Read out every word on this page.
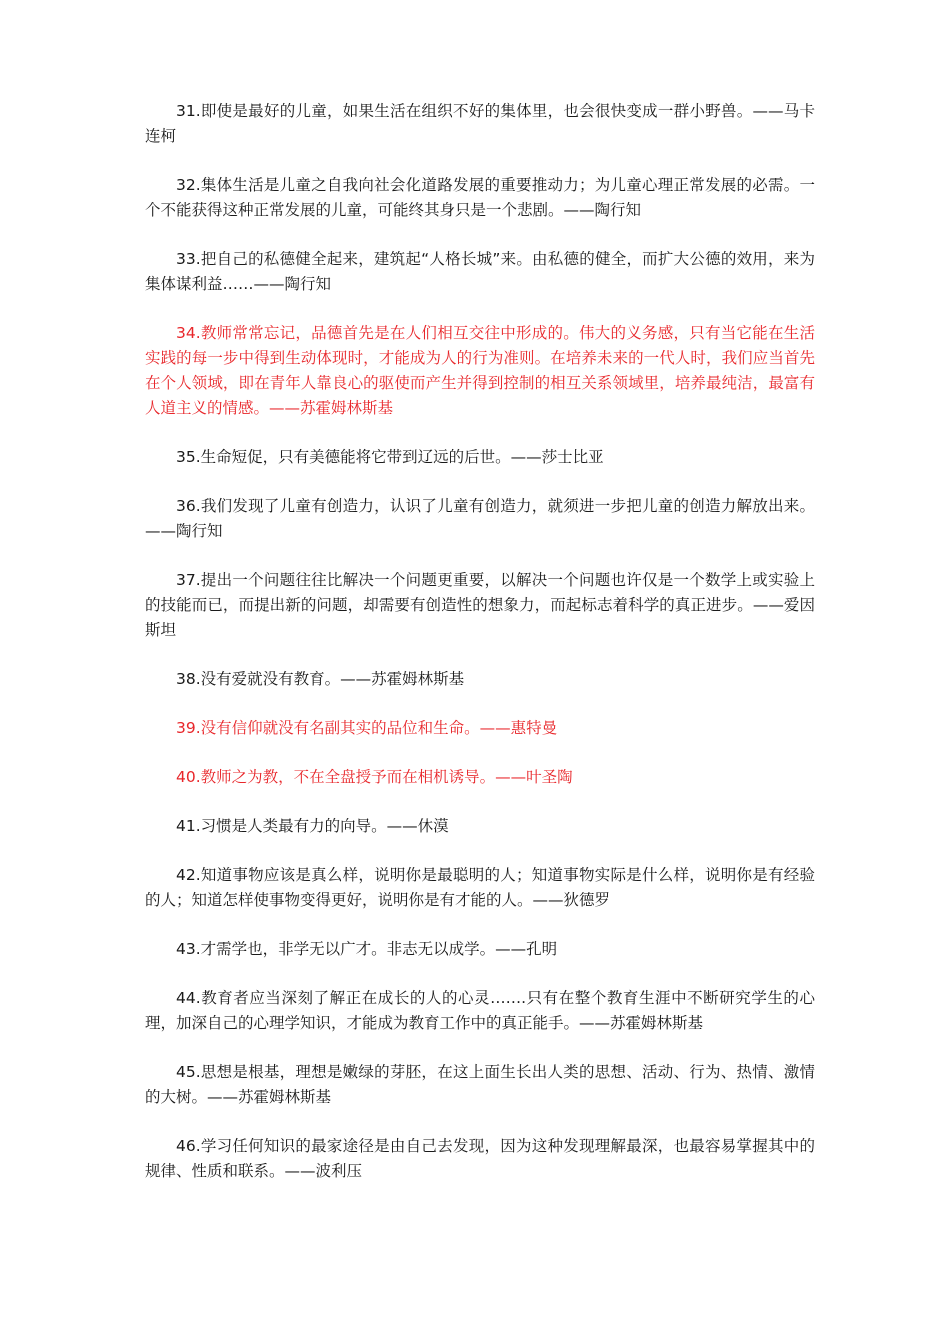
31.即使是最好的儿童，如果生活在组织不好的集体里，也会很快变成一群小野兽。——马卡连柯

32.集体生活是儿童之自我向社会化道路发展的重要推动力；为儿童心理正常发展的必需。一个不能获得这种正常发展的儿童，可能终其身只是一个悲剧。——陶行知

33.把自己的私德健全起来，建筑起“人格长城”来。由私德的健全，而扩大公德的效用，来为集体谋利益……——陶行知

34.教师常常忘记，品德首先是在人们相互交往中形成的。伟大的义务感，只有当它能在生活实践的每一步中得到生动体现时，才能成为人的行为准则。在培养未来的一代人时，我们应当首先在个人领域，即在青年人靠良心的驱使而产生并得到控制的相互关系领域里，培养最纯洁，最富有人道主义的情感。——苏霍姆林斯基

35.生命短促，只有美德能将它带到辽远的后世。——莎士比亚

36.我们发现了儿童有创造力，认识了儿童有创造力，就须进一步把儿童的创造力解放出来。——陶行知

37.提出一个问题往往比解决一个问题更重要，以解决一个问题也许仅是一个数学上或实验上的技能而已，而提出新的问题，却需要有创造性的想象力，而起标志着科学的真正进步。——爱因斯坦

38.没有爱就没有教育。——苏霍姆林斯基

39.没有信仰就没有名副其实的品位和生命。——惠特曼

40.教师之为教，不在全盘授予而在相机诱导。——叶圣陶

41.习惯是人类最有力的向导。——休漠

42.知道事物应该是真么样，说明你是最聪明的人；知道事物实际是什么样，说明你是有经验的人；知道怎样使事物变得更好，说明你是有才能的人。——狄德罗

43.才需学也，非学无以广才。非志无以成学。——孔明

44.教育者应当深刻了解正在成长的人的心灵…….只有在整个教育生涯中不断研究学生的心理，加深自己的心理学知识，才能成为教育工作中的真正能手。——苏霍姆林斯基

45.思想是根基，理想是嫩绿的芽胚，在这上面生长出人类的思想、活动、行为、热情、激情的大树。——苏霍姆林斯基

46.学习任何知识的最家途径是由自己去发现，因为这种发现理解最深，也最容易掌握其中的规律、性质和联系。——波利压
